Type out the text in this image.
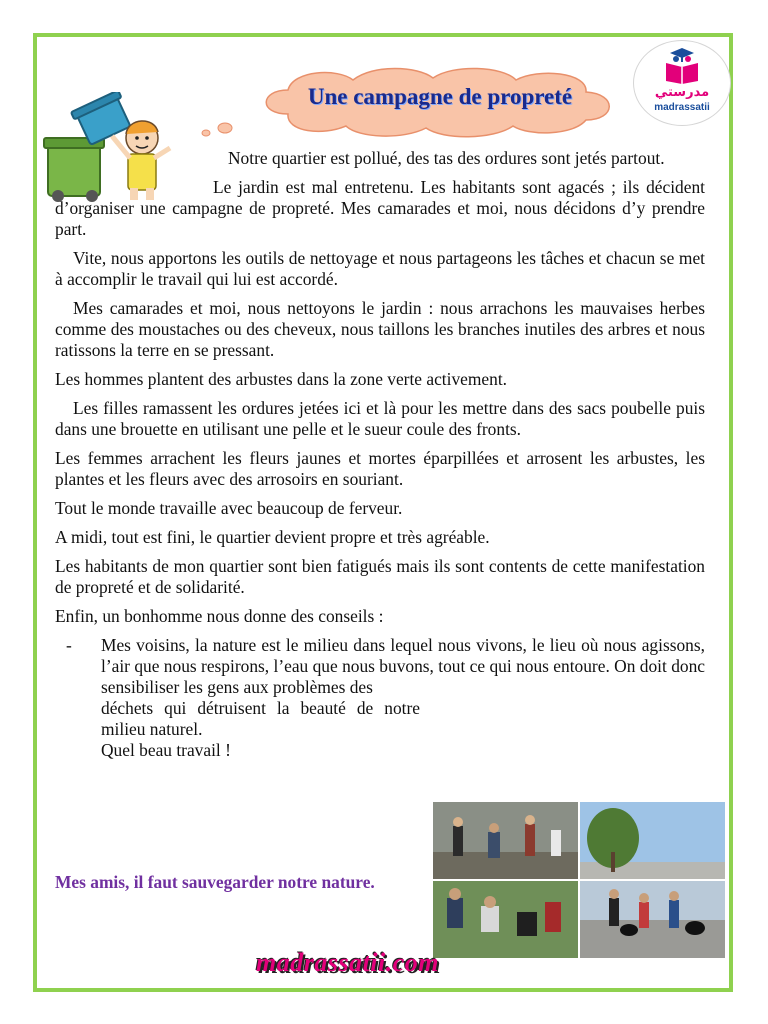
Une campagne de propreté	مدرستي
madrassatii

Notre quartier est pollué, des tas des ordures sont jetés partout.

Le jardin est mal entretenu. Les habitants sont agacés ; ils décident d’organiser une campagne de propreté. Mes camarades et moi, nous décidons d’y prendre part.

Vite, nous apportons les outils de nettoyage et nous partageons les tâches et chacun se met à accomplir le travail qui lui est accordé.

Mes camarades et moi, nous nettoyons le jardin : nous arrachons les mauvaises herbes comme des moustaches ou des cheveux, nous taillons les branches inutiles des arbres et nous ratissons la terre en se pressant.

Les hommes plantent des arbustes dans la zone verte activement.

Les filles ramassent les ordures jetées ici et là pour les mettre dans des sacs poubelle puis dans une brouette en utilisant une pelle et le sueur coule des fronts.

Les femmes arrachent les fleurs jaunes et mortes éparpillées et arrosent les arbustes, les plantes et les fleurs avec des arrosoirs en souriant.

Tout le monde travaille avec beaucoup de ferveur.

A midi, tout est fini, le quartier devient propre et très agréable.

Les habitants de mon quartier sont bien fatigués mais ils sont contents de cette manifestation de propreté et de solidarité.

Enfin, un bonhomme nous donne des conseils :

- Mes voisins, la nature est le milieu dans lequel nous vivons, le lieu où nous agissons, l’air que nous respirons, l’eau que nous buvons, tout ce qui nous entoure. On doit donc sensibiliser les gens aux problèmes des
déchets qui détruisent la beauté de notre milieu naturel.
Quel beau travail !
Mes amis, il faut sauvegarder notre nature.
madrassatii.com
